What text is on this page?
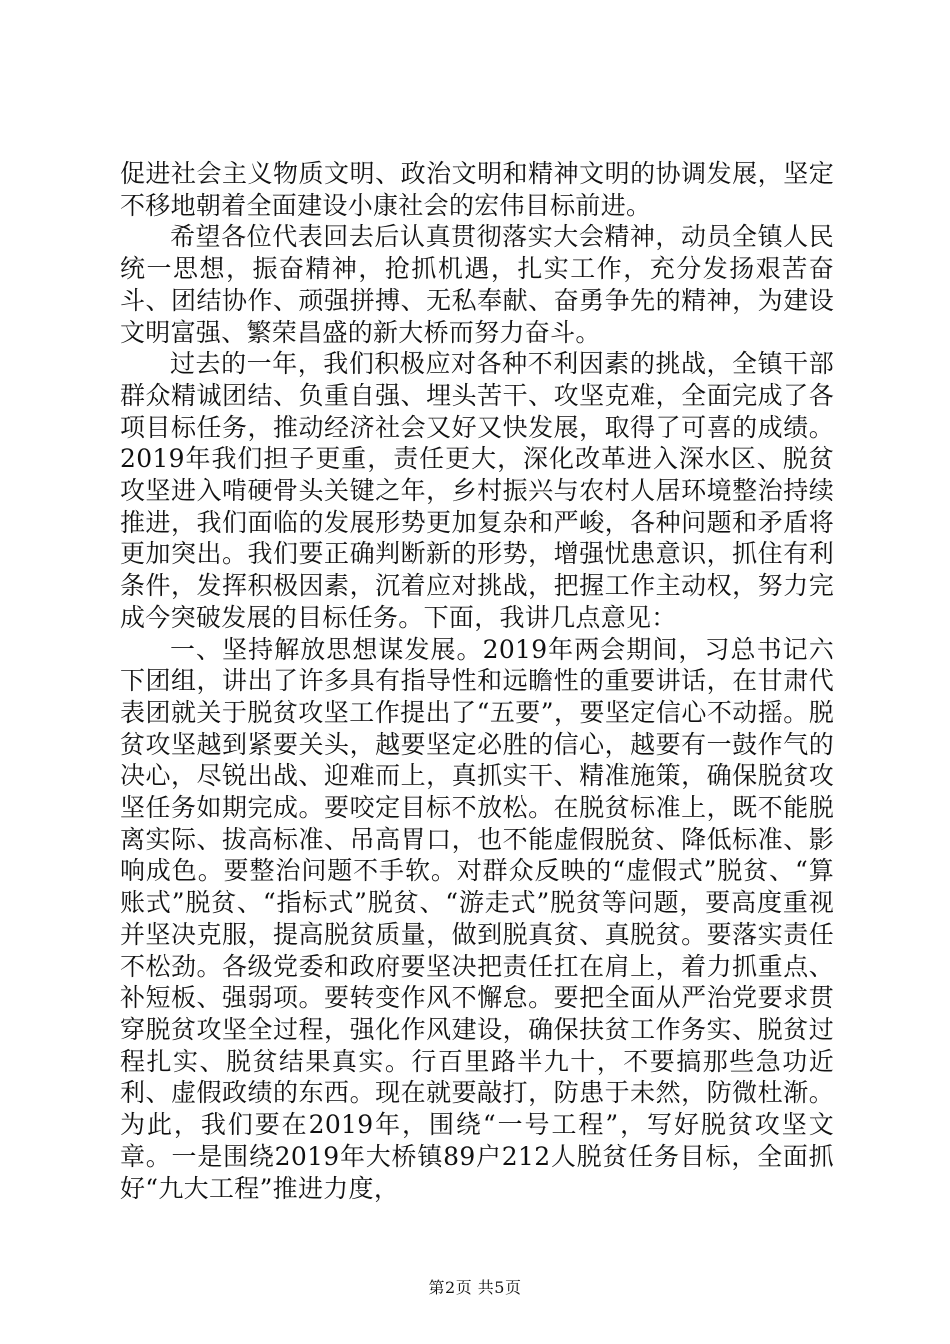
促进社会主义物质文明、政治文明和精神文明的协调发展，坚定不移地朝着全面建设小康社会的宏伟目标前进。

希望各位代表回去后认真贯彻落实大会精神，动员全镇人民统一思想，振奋精神，抢抓机遇，扎实工作，充分发扬艰苦奋斗、团结协作、顽强拼搏、无私奉献、奋勇争先的精神，为建设文明富强、繁荣昌盛的新大桥而努力奋斗。

过去的一年，我们积极应对各种不利因素的挑战，全镇干部群众精诚团结、负重自强、埋头苦干、攻坚克难，全面完成了各项目标任务，推动经济社会又好又快发展，取得了可喜的成绩。2019年我们担子更重，责任更大，深化改革进入深水区、脱贫攻坚进入啃硬骨头关键之年，乡村振兴与农村人居环境整治持续推进，我们面临的发展形势更加复杂和严峻，各种问题和矛盾将更加突出。我们要正确判断新的形势，增强忧患意识，抓住有利条件，发挥积极因素，沉着应对挑战，把握工作主动权，努力完成今突破发展的目标任务。下面，我讲几点意见：

一、坚持解放思想谋发展。2019年两会期间，习总书记六下团组，讲出了许多具有指导性和远瞻性的重要讲话，在甘肃代表团就关于脱贫攻坚工作提出了“五要”，要坚定信心不动摇。脱贫攻坚越到紧要关头，越要坚定必胜的信心，越要有一鼓作气的决心，尽锐出战、迎难而上，真抓实干、精准施策，确保脱贫攻坚任务如期完成。要咬定目标不放松。在脱贫标准上，既不能脱离实际、拔高标准、吊高胃口，也不能虚假脱贫、降低标准、影响成色。要整治问题不手软。对群众反映的“虚假式”脱贫、“算账式”脱贫、“指标式”脱贫、“游走式”脱贫等问题，要高度重视并坚决克服，提高脱贫质量，做到脱真贫、真脱贫。要落实责任不松劲。各级党委和政府要坚决把责任扛在肩上，着力抓重点、补短板、强弱项。要转变作风不懈怠。要把全面从严治党要求贯穿脱贫攻坚全过程，强化作风建设，确保扶贫工作务实、脱贫过程扎实、脱贫结果真实。行百里路半九十，不要搞那些急功近利、虚假政绩的东西。现在就要敲打，防患于未然，防微杜渐。为此，我们要在2019年，围绕“一号工程”，写好脱贫攻坚文章。一是围绕2019年大桥镇89户212人脱贫任务目标，全面抓好“九大工程”推进力度，

第2页 共5页
